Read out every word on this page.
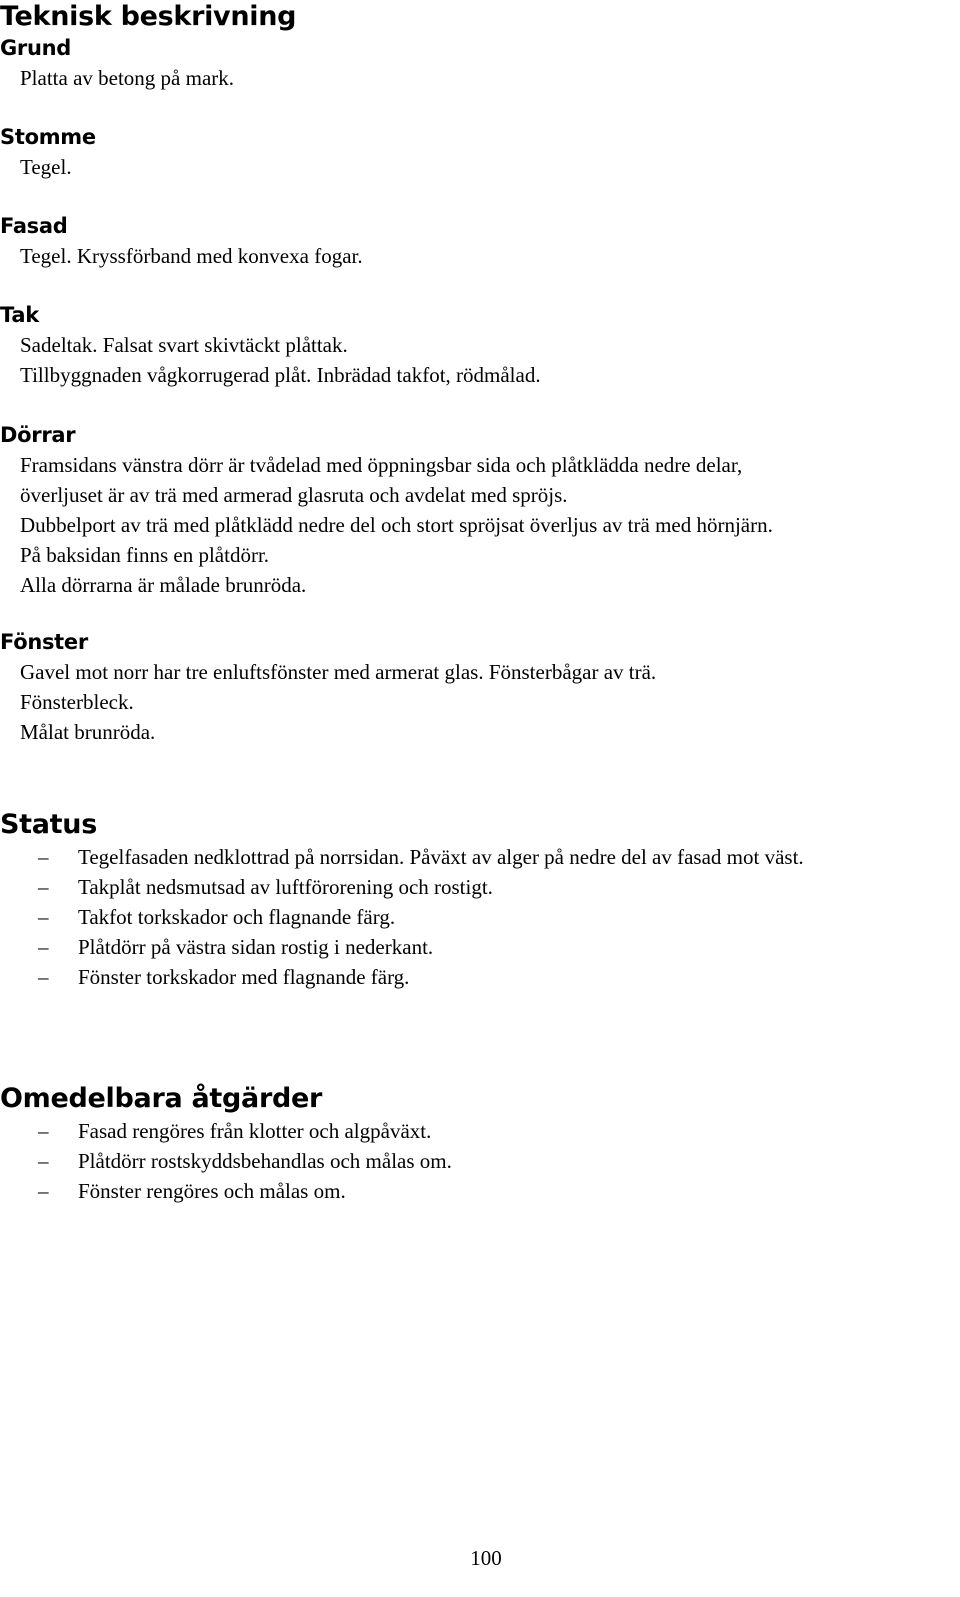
Teknisk beskrivning
Grund

Platta av betong på mark.

Stomme

Tegel.

Fasad

Tegel. Kryssförband med konvexa fogar.

Tak

Sadeltak. Falsat svart skivtäckt plåttak.

Tillbyggnaden vågkorrugerad plåt. Inbrädad takfot, rödmålad.

Dörrar

Framsidans vänstra dörr är tvådelad med öppningsbar sida och plåtklädda nedre delar,

överljuset är av trä med armerad glasruta och avdelat med spröjs.

Dubbelport av trä med plåtklädd nedre del och stort spröjsat överljus av trä med hörnjärn.

På baksidan finns en plåtdörr.

Alla dörrarna är målade brunröda.

Fönster

Gavel mot norr har tre enluftsfönster med armerat glas. Fönsterbågar av trä.

Fönsterbleck.

Målat brunröda.

Status
– Tegelfasaden nedklottrad på norrsidan. Påväxt av alger på nedre del av fasad mot väst.
– Takplåt nedsmutsad av luftförorening och rostigt.
– Takfot torkskador och flagnande färg.
– Plåtdörr på västra sidan rostig i nederkant.
– Fönster torkskador med flagnande färg.
Omedelbara åtgärder
– Fasad rengöres från klotter och algpåväxt.
– Plåtdörr rostskyddsbehandlas och målas om.
– Fönster rengöres och målas om.
100
